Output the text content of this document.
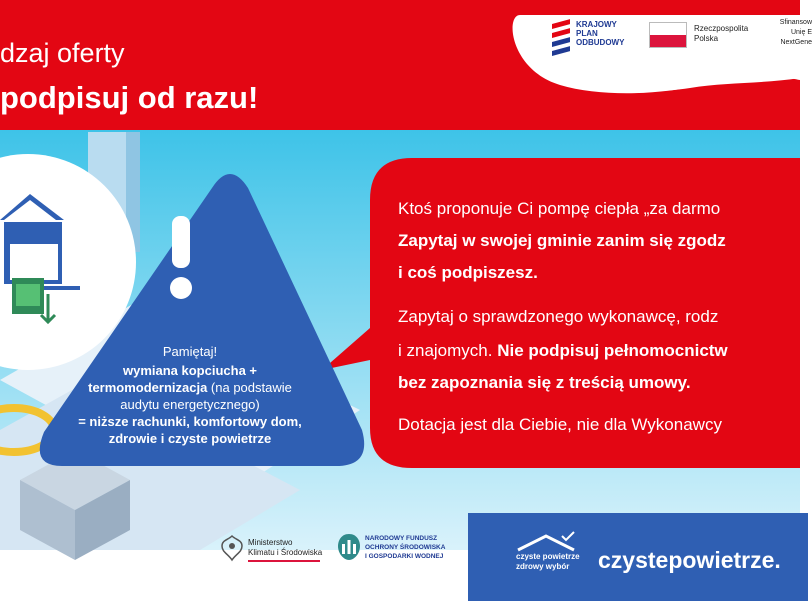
dzaj oferty
podpisuj od razu!
KRAJOWY
PLAN
ODBUDOWY
Rzeczpospolita
Polska
Sfinansow
Unię E
NextGene
Pamiętaj!
wymiana kopciucha +
termomodernizacja (na podstawie
audytu energetycznego)
= niższe rachunki, komfortowy dom,
zdrowie i czyste powietrze
Ktoś proponuje Ci pompę ciepła „za darmo
Zapytaj w swojej gminie zanim się zgodz
i coś podpiszesz.
Zapytaj o sprawdzonego wykonawcę, rodz
i znajomych. Nie podpisuj pełnomocnictw
bez zapoznania się z treścią umowy.
Dotacja jest dla Ciebie, nie dla Wykonawcy
Ministerstwo
Klimatu i Środowiska
NARODOWY FUNDUSZ
OCHRONY ŚRODOWISKA
I GOSPODARKI WODNEJ	czyste powietrze
zdrowy wybór	czystepowietrze.
